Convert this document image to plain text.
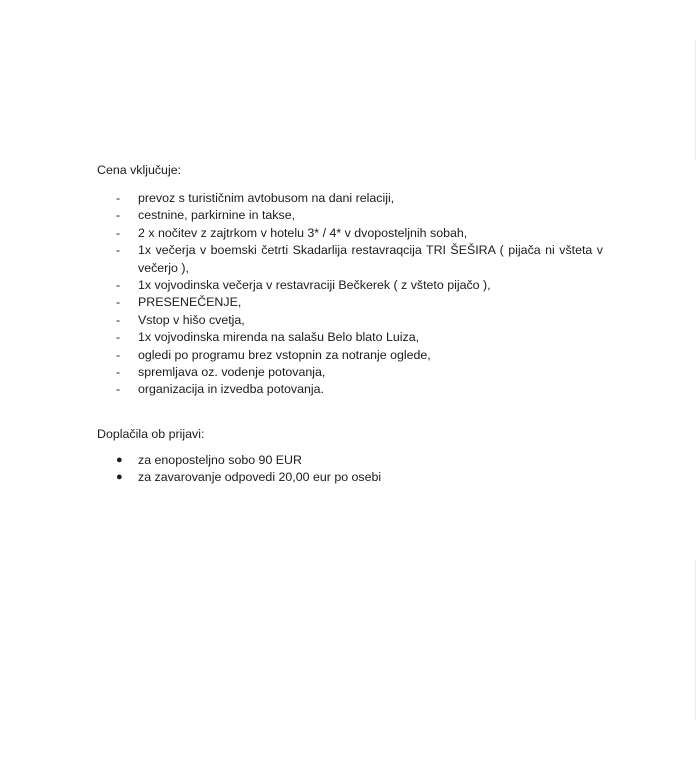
Cena vključuje:
-	prevoz s turističnim avtobusom na dani relaciji,
-	cestnine, parkirnine in takse,
-	2 x nočitev z zajtrkom v hotelu 3* / 4* v dvoposteljnih sobah,
-	1x večerja v boemski četrti Skadarlija restavraqcija TRI ŠEŠIRA ( pijača ni všteta v večerjo ),
-	1x vojvodinska večerja v restavraciji Bečkerek ( z všteto pijačo ),
-	PRESENEČENJE,
-	Vstop v hišo cvetja,
-	1x vojvodinska mirenda na salašu Belo blato Luiza,
-	ogledi po programu brez vstopnin za notranje oglede,
-	spremljava oz. vodenje potovanja,
-	organizacija in izvedba potovanja.
Doplačila ob prijavi:
●	za enoposteljno sobo 90 EUR
●	za zavarovanje odpovedi 20,00 eur po osebi
